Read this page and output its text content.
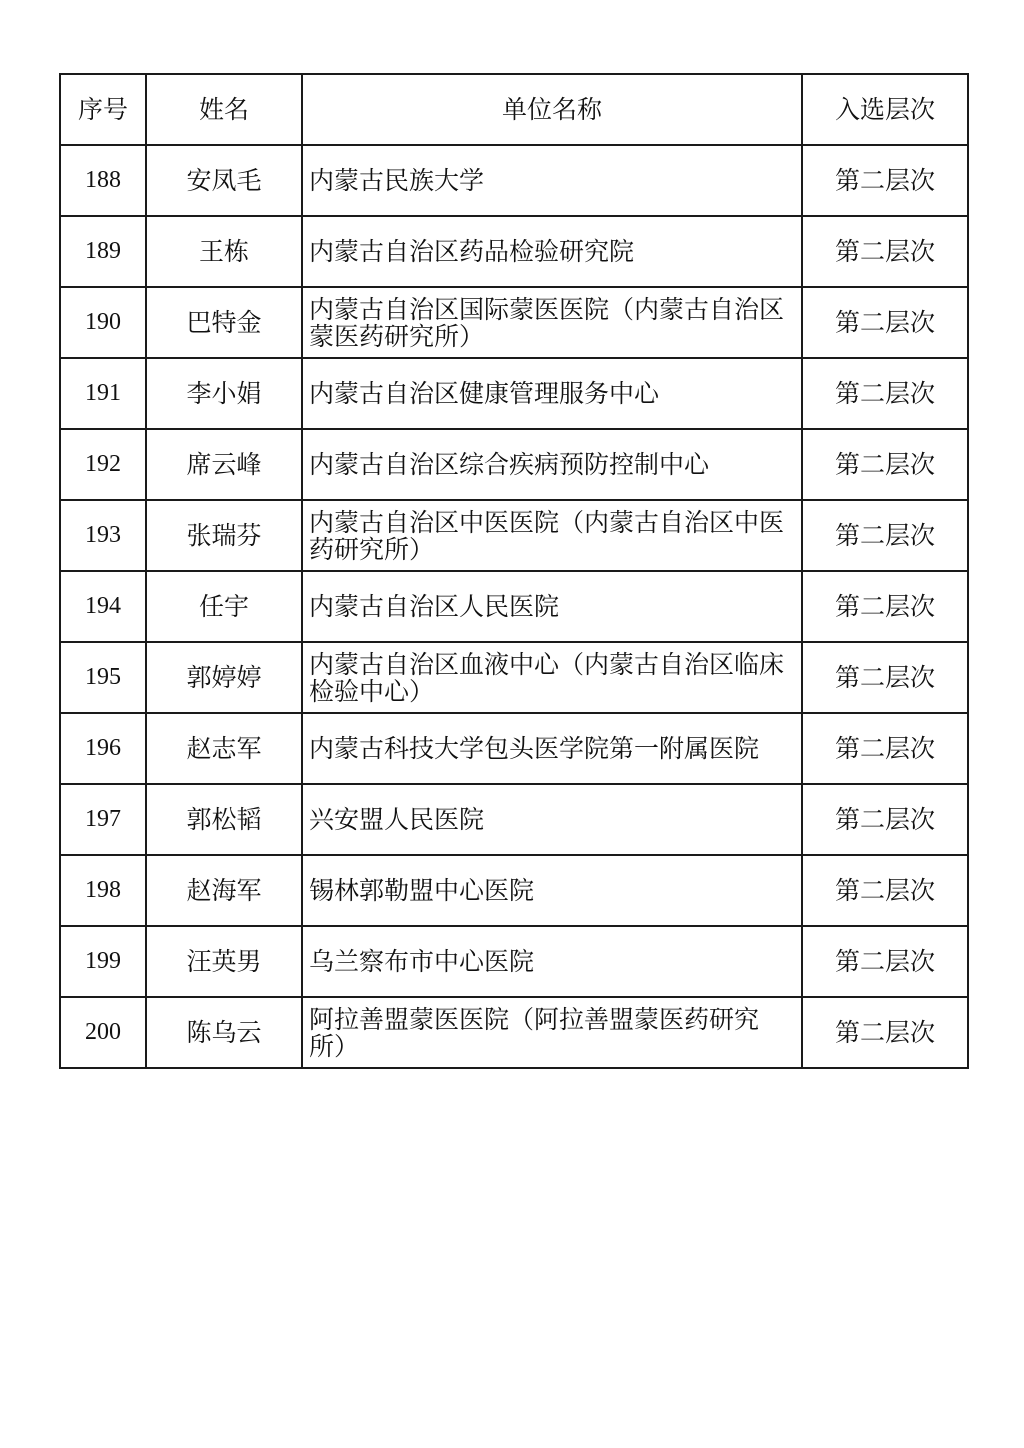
序号	姓名	单位名称	入选层次
188	安凤毛	内蒙古民族大学	第二层次
189	王栋	内蒙古自治区药品检验研究院	第二层次
190	巴特金	内蒙古自治区国际蒙医医院（内蒙古自治区蒙医药研究所）	第二层次
191	李小娟	内蒙古自治区健康管理服务中心	第二层次
192	席云峰	内蒙古自治区综合疾病预防控制中心	第二层次
193	张瑞芬	内蒙古自治区中医医院（内蒙古自治区中医药研究所）	第二层次
194	任宇	内蒙古自治区人民医院	第二层次
195	郭婷婷	内蒙古自治区血液中心（内蒙古自治区临床检验中心）	第二层次
196	赵志军	内蒙古科技大学包头医学院第一附属医院	第二层次
197	郭松韬	兴安盟人民医院	第二层次
198	赵海军	锡林郭勒盟中心医院	第二层次
199	汪英男	乌兰察布市中心医院	第二层次
200	陈乌云	阿拉善盟蒙医医院（阿拉善盟蒙医药研究所）	第二层次
